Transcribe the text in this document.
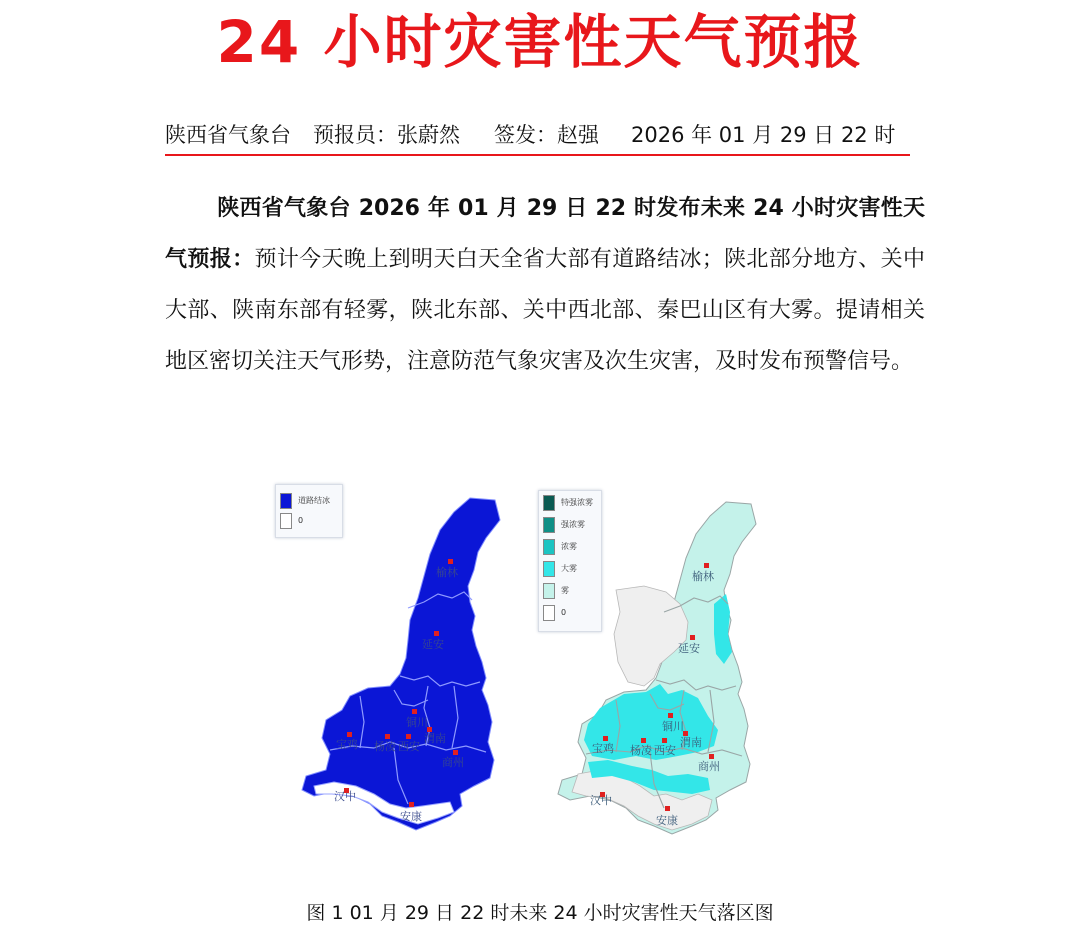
24 小时灾害性天气预报
陕西省气象台 预报员：张蔚然 签发：赵强 2026 年 01 月 29 日 22 时
陕西省气象台 2026 年 01 月 29 日 22 时发布未来 24 小时灾害性天气预报：预计今天晚上到明天白天全省大部有道路结冰；陕北部分地方、关中大部、陕南东部有轻雾，陕北东部、关中西北部、秦巴山区有大雾。提请相关地区密切关注天气形势，注意防范气象灾害及次生灾害，及时发布预警信号。
道路结冰
0
榆林
延安
铜川
宝鸡 杨凌 西安
渭南
商州
汉中
安康
特强浓雾
强浓雾
浓雾
大雾
雾
0
榆林
延安
铜川
宝鸡 杨凌 西安
渭南
商州
汉中
安康
图 1 01 月 29 日 22 时未来 24 小时灾害性天气落区图
